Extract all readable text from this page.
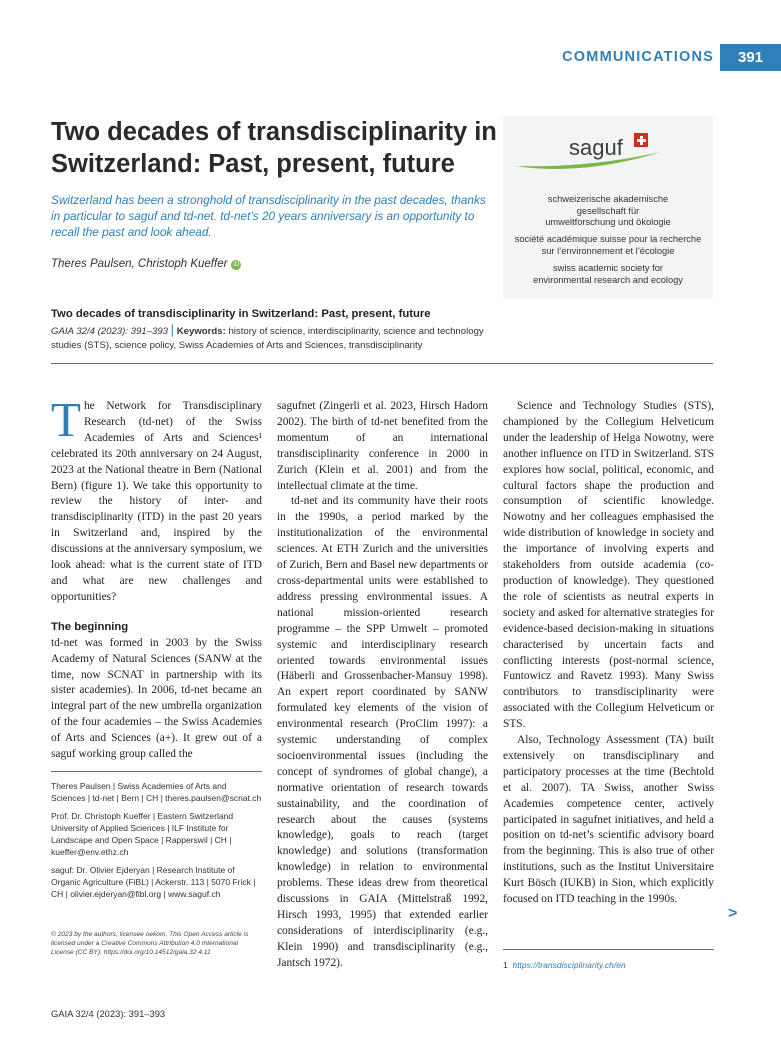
COMMUNICATIONS	391
Two decades of transdisciplinarity in Switzerland: Past, present, future
Switzerland has been a stronghold of transdisciplinarity in the past decades, thanks in particular to saguf and td-net. td-net’s 20 years anniversary is an opportunity to recall the past and look ahead.
Theres Paulsen, Christoph Kueffer iD
saguf
schweizerische akademische
gesellschaft für
umweltforschung und ökologie
société académique suisse pour la recherche
sur l’environnement et l’écologie
swiss academic society for
environmental research and ecology
Two decades of transdisciplinarity in Switzerland: Past, present, future
GAIA 32/4 (2023): 391–393 | Keywords: history of science, interdisciplinarity, science and technology studies (STS), science policy, Swiss Academies of Arts and Sciences, transdisciplinarity

The Network for Transdisciplinary Research (td-net) of the Swiss Academies of Arts and Sciences¹ celebrated its 20th anniversary on 24 August, 2023 at the National theatre in Bern (National Bern) (figure 1). We take this opportunity to review the history of inter- and transdisciplinarity (ITD) in the past 20 years in Switzerland and, inspired by the discussions at the anniversary symposium, we look ahead: what is the current state of ITD and what are new challenges and opportunities?

The beginning

td-net was formed in 2003 by the Swiss Academy of Natural Sciences (SANW at the time, now SCNAT in partnership with its sister academies). In 2006, td-net became an integral part of the new umbrella organization of the four academies – the Swiss Academies of Arts and Sciences (a+). It grew out of a saguf working group called the

sagufnet (Zingerli et al. 2023, Hirsch Hadorn 2002). The birth of td-net benefited from the momentum of an international transdisciplinarity conference in 2000 in Zurich (Klein et al. 2001) and from the intellectual climate at the time.

td-net and its community have their roots in the 1990s, a period marked by the institutionalization of the environmental sciences. At ETH Zurich and the universities of Zurich, Bern and Basel new departments or cross-departmental units were established to address pressing environmental issues. A national mission-oriented research programme – the SPP Umwelt – promoted systemic and interdisciplinary research oriented towards environmental issues (Häberli and Grossenbacher-Mansuy 1998). An expert report coordinated by SANW formulated key elements of the vision of environmental research (ProClim 1997): a systemic understanding of complex socioenvironmental issues (including the concept of syndromes of global change), a normative orientation of research towards sustainability, and the coordination of research about the causes (systems knowledge), goals to reach (target knowledge) and solutions (transformation knowledge) in relation to environmental problems. These ideas drew from theoretical discussions in GAIA (Mittelstraß 1992, Hirsch 1993, 1995) that extended earlier considerations of interdisciplinarity (e.g., Klein 1990) and transdisciplinarity (e.g., Jantsch 1972).

Science and Technology Studies (STS), championed by the Collegium Helveticum under the leadership of Helga Nowotny, were another influence on ITD in Switzerland. STS explores how social, political, economic, and cultural factors shape the production and consumption of scientific knowledge. Nowotny and her colleagues emphasised the wide distribution of knowledge in society and the importance of involving experts and stakeholders from outside academia (co-production of knowledge). They questioned the role of scientists as neutral experts in society and asked for alternative strategies for evidence-based decision-making in situations characterised by uncertain facts and conflicting interests (post-normal science, Funtowicz and Ravetz 1993). Many Swiss contributors to transdisciplinarity were associated with the Collegium Helveticum or STS.

Also, Technology Assessment (TA) built extensively on transdisciplinary and participatory processes at the time (Bechtold et al. 2007). TA Swiss, another Swiss Academies competence center, actively participated in sagufnet initiatives, and held a position on td-net’s scientific advisory board from the beginning. This is also true of other institutions, such as the Institut Universitaire Kurt Bösch (IUKB) in Sion, which explicitly focused on ITD teaching in the 1990s.

Theres Paulsen | Swiss Academies of Arts and Sciences | td-net | Bern | CH | theres.paulsen@scnat.ch

Prof. Dr. Christoph Kueffer | Eastern Switzerland University of Applied Sciences | ILF Institute for Landscape and Open Space | Rapperswil | CH | kueffer@env.ethz.ch

saguf: Dr. Olivier Ejderyan | Research Institute of Organic Agriculture (FiBL) | Ackerstr. 113 | 5070 Frick | CH | olivier.ejderyan@fibl.org | www.saguf.ch

© 2023 by the authors; licensee oekom. This Open Access article is licensed under a Creative Commons Attribution 4.0 International License (CC BY). https://doi.org/10.14512/gaia.32.4.11
1 https://transdisciplinarity.ch/en
>
GAIA 32/4 (2023): 391–393
